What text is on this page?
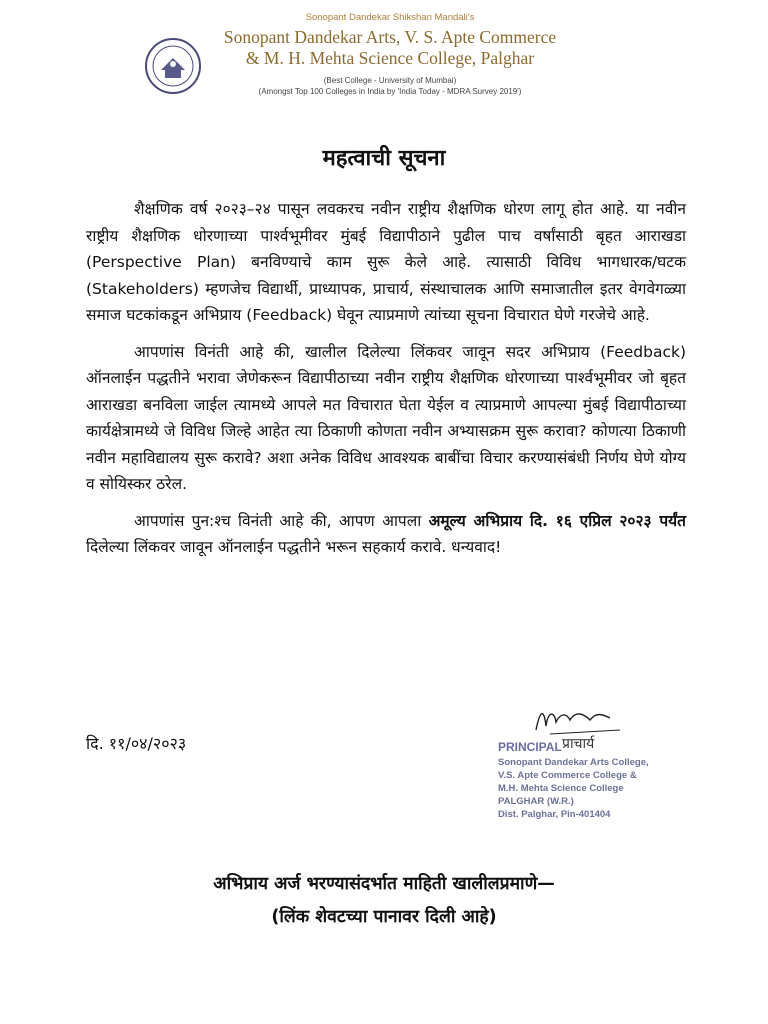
Sonopant Dandekar Shikshan Mandali's
Sonopant Dandekar Arts, V. S. Apte Commerce
& M. H. Mehta Science College, Palghar
(Best College - University of Mumbai)
(Amongst Top 100 Colleges in India by 'India Today - MDRA Survey 2019')
महत्वाची सूचना

शैक्षणिक वर्ष २०२३–२४ पासून लवकरच नवीन राष्ट्रीय शैक्षणिक धोरण लागू होत आहे. या नवीन राष्ट्रीय शैक्षणिक धोरणाच्या पार्श्वभूमीवर मुंबई विद्यापीठाने पुढील पाच वर्षांसाठी बृहत आराखडा (Perspective Plan) बनविण्याचे काम सुरू केले आहे. त्यासाठी विविध भागधारक/घटक (Stakeholders) म्हणजेच विद्यार्थी, प्राध्यापक, प्राचार्य, संस्थाचालक आणि समाजातील इतर वेगवेगळ्या समाज घटकांकडून अभिप्राय (Feedback) घेवून त्याप्रमाणे त्यांच्या सूचना विचारात घेणे गरजेचे आहे.

आपणांस विनंती आहे की, खालील दिलेल्या लिंकवर जावून सदर अभिप्राय (Feedback) ऑनलाईन पद्धतीने भरावा जेणेकरून विद्यापीठाच्या नवीन राष्ट्रीय शैक्षणिक धोरणाच्या पार्श्वभूमीवर जो बृहत आराखडा बनविला जाईल त्यामध्ये आपले मत विचारात घेता येईल व त्याप्रमाणे आपल्या मुंबई विद्यापीठाच्या कार्यक्षेत्रामध्ये जे विविध जिल्हे आहेत त्या ठिकाणी कोणता नवीन अभ्यासक्रम सुरू करावा? कोणत्या ठिकाणी नवीन महाविद्यालय सुरू करावे? अशा अनेक विविध आवश्यक बाबींचा विचार करण्यासंबंधी निर्णय घेणे योग्य व सोयिस्कर ठरेल.

आपणांस पुन:श्च विनंती आहे की, आपण आपला अमूल्य अभिप्राय दि. १६ एप्रिल २०२३ पर्यंत दिलेल्या लिंकवर जावून ऑनलाईन पद्धतीने भरून सहकार्य करावे. धन्यवाद!

दि. ११/०४/२०२३	PRINCIPAL प्राचार्य
Sonopant Dandekar Arts College,
V.S. Apte Commerce College &
M.H. Mehta Science College
PALGHAR (W.R.)
Dist. Palghar, Pin-401404
अभिप्राय अर्ज भरण्यासंदर्भात माहिती खालीलप्रमाणे—
(लिंक शेवटच्या पानावर दिली आहे)
